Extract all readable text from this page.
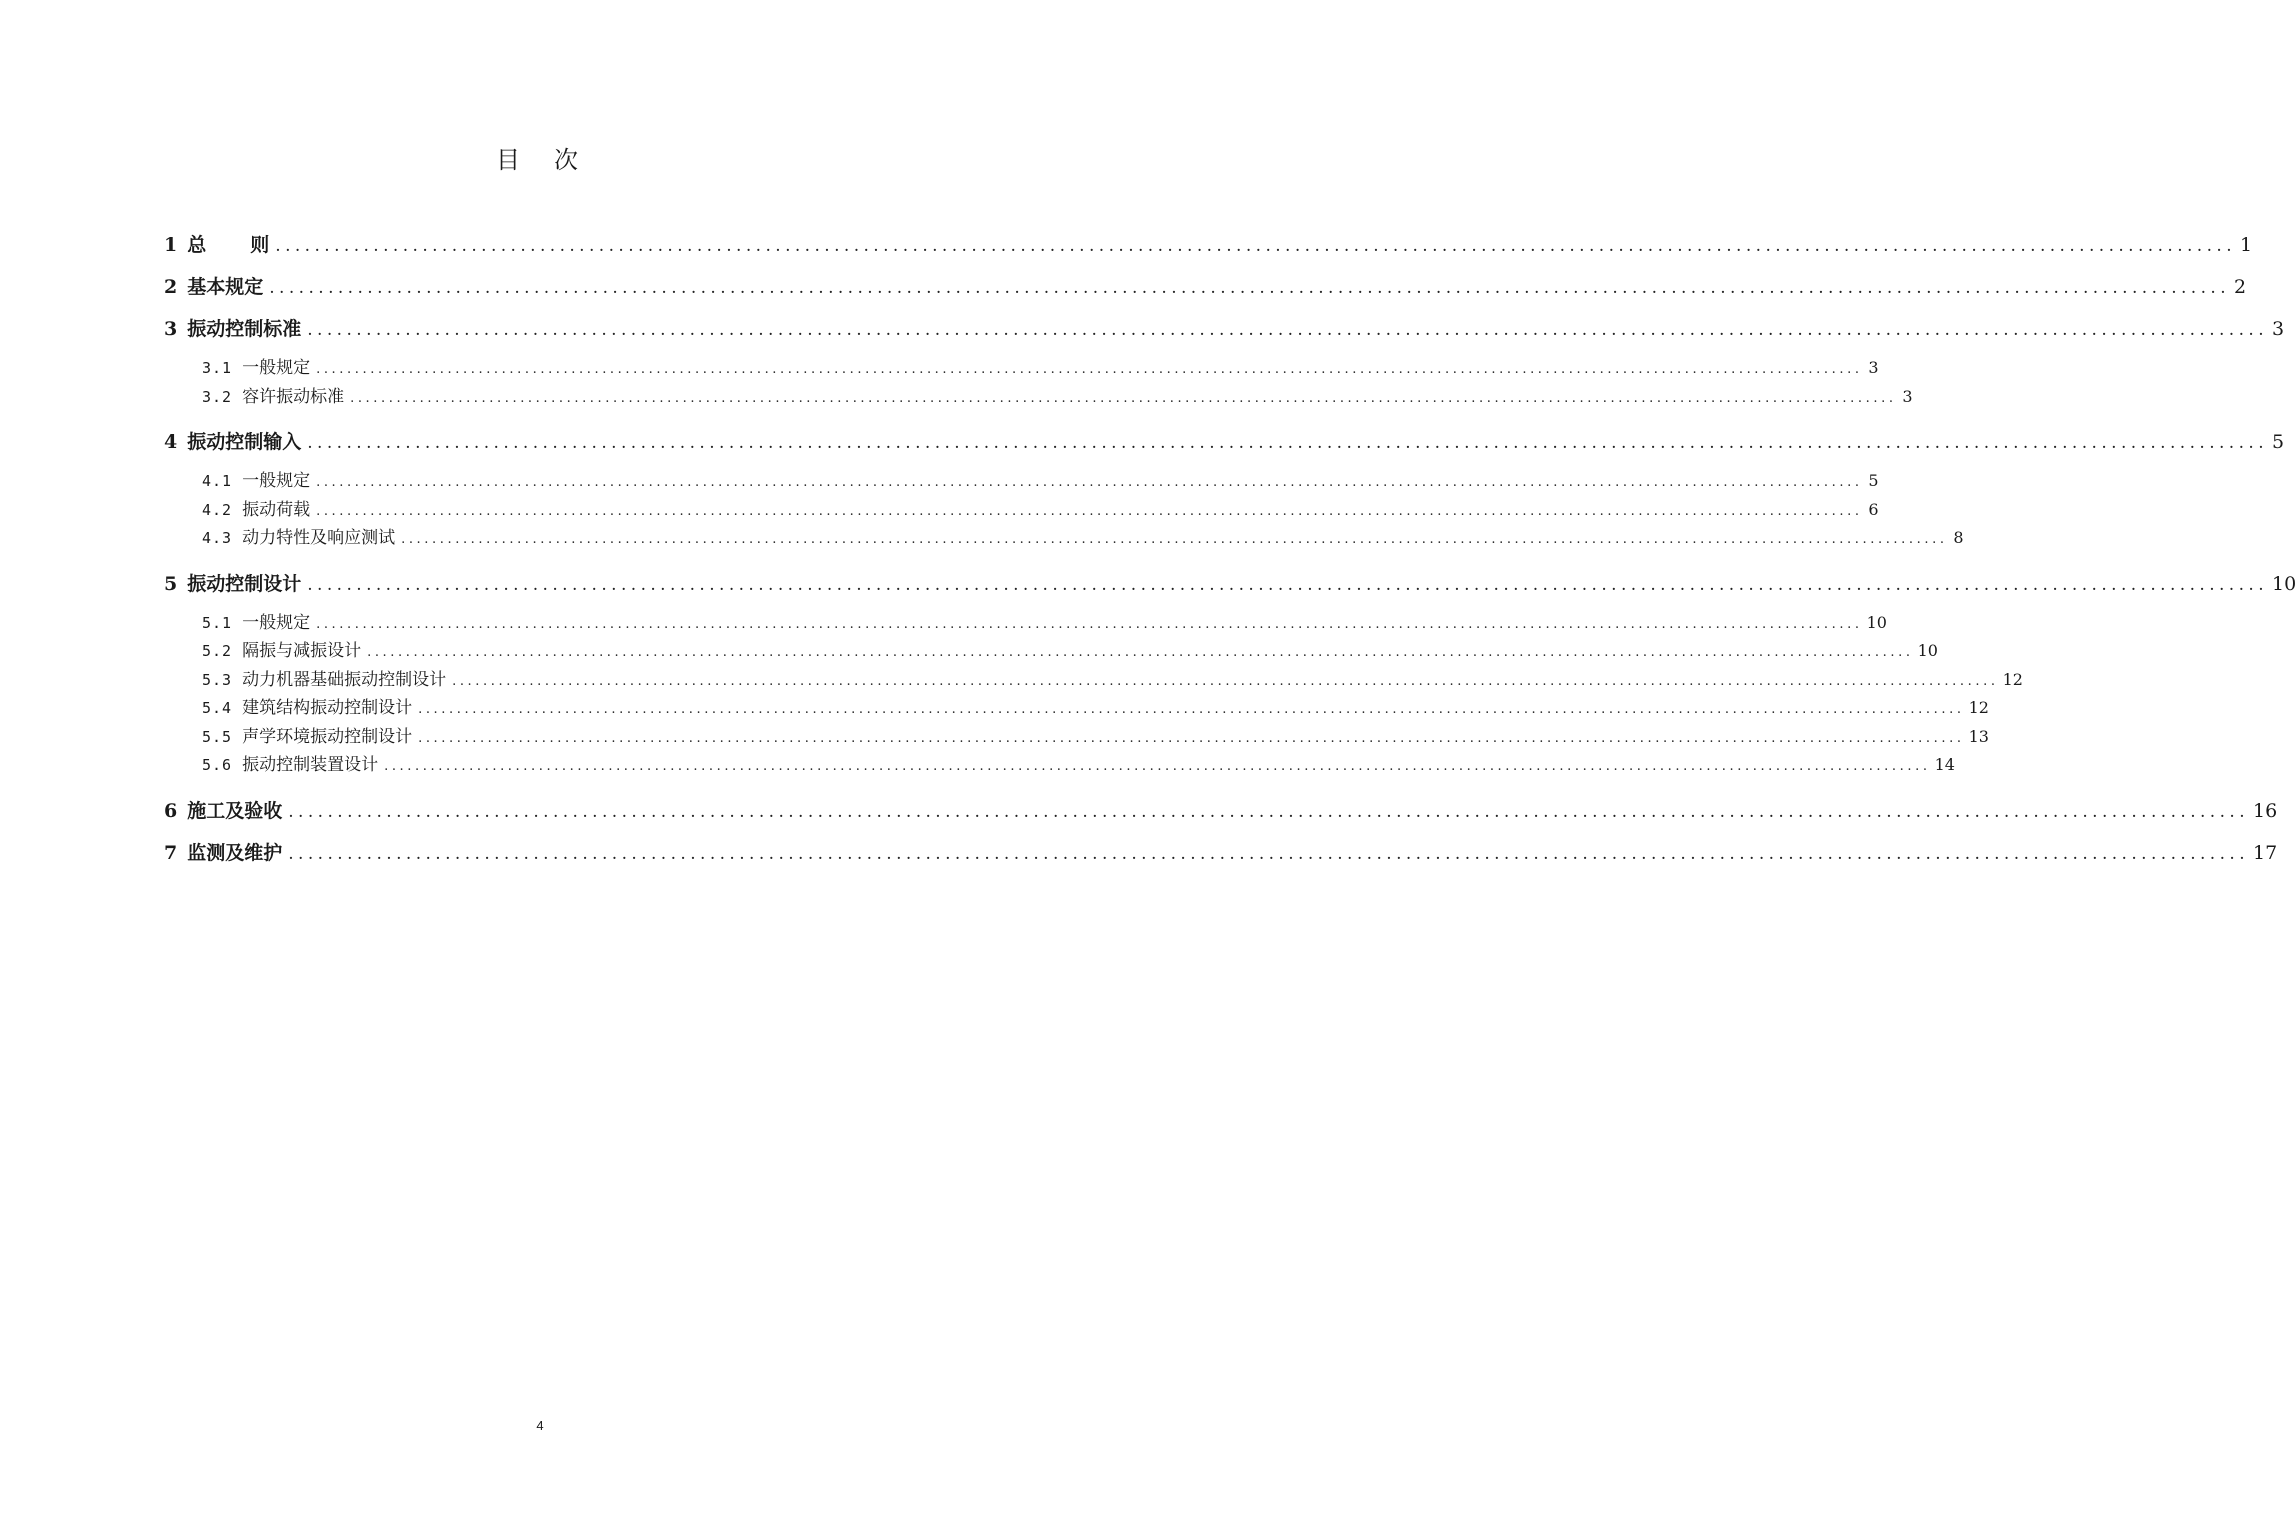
目 次
1 总 则 ........................................................................................................................................................................................................ 1
2 基本规定 ........................................................................................................................................................................................................ 2
3 振动控制标准 ........................................................................................................................................................................................................ 3
3.1 一般规定 ........................................................................................................................................................................................................ 3
3.2 容许振动标准 ........................................................................................................................................................................................................ 3
4 振动控制输入 ........................................................................................................................................................................................................ 5
4.1 一般规定 ........................................................................................................................................................................................................ 5
4.2 振动荷载 ........................................................................................................................................................................................................ 6
4.3 动力特性及响应测试 ........................................................................................................................................................................................................ 8
5 振动控制设计 ........................................................................................................................................................................................................ 10
5.1 一般规定 ........................................................................................................................................................................................................ 10
5.2 隔振与减振设计 ........................................................................................................................................................................................................ 10
5.3 动力机器基础振动控制设计 ........................................................................................................................................................................................................ 12
5.4 建筑结构振动控制设计 ........................................................................................................................................................................................................ 12
5.5 声学环境振动控制设计 ........................................................................................................................................................................................................ 13
5.6 振动控制装置设计 ........................................................................................................................................................................................................ 14
6 施工及验收 ........................................................................................................................................................................................................ 16
7 监测及维护 ........................................................................................................................................................................................................ 17
4
